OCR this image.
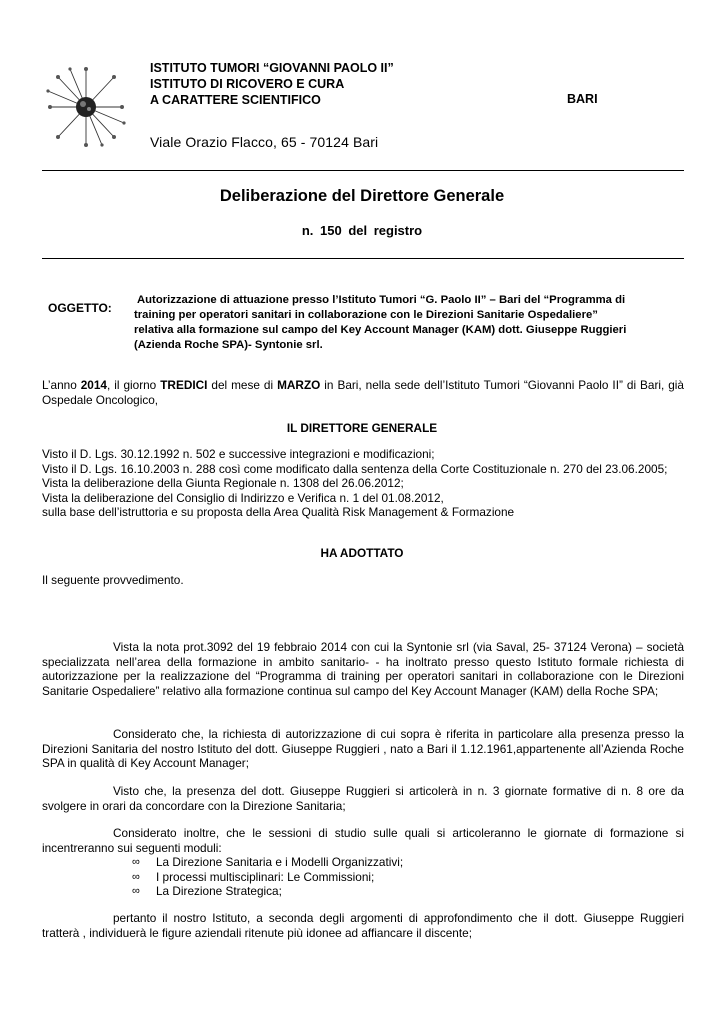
ISTITUTO TUMORI “GIOVANNI PAOLO II”
ISTITUTO DI RICOVERO E CURA
A CARATTERE SCIENTIFICO	BARI
Viale Orazio Flacco, 65 - 70124 Bari
Deliberazione del Direttore Generale
n. 150 del registro
OGGETTO:
Autorizzazione di attuazione presso l’Istituto Tumori “G. Paolo II” – Bari del “Programma di
training per operatori sanitari in collaborazione con le Direzioni Sanitarie Ospedaliere”
relativa alla formazione sul campo del Key Account Manager (KAM) dott. Giuseppe Ruggieri
(Azienda Roche SPA)- Syntonie srl.
L’anno 2014, il giorno TREDICI del mese di MARZO in Bari, nella sede dell’Istituto Tumori “Giovanni Paolo II” di Bari, già Ospedale Oncologico,
IL DIRETTORE GENERALE
Visto il D. Lgs. 30.12.1992 n. 502 e successive integrazioni e modificazioni;
Visto il D. Lgs. 16.10.2003 n. 288 così come modificato dalla sentenza della Corte Costituzionale n. 270 del 23.06.2005;
Vista la deliberazione della Giunta Regionale n. 1308 del 26.06.2012;
Vista la deliberazione del Consiglio di Indirizzo e Verifica n. 1 del 01.08.2012,
sulla base dell’istruttoria e su proposta della Area Qualità Risk Management & Formazione
HA ADOTTATO
Il seguente provvedimento.
Vista la nota prot.3092 del 19 febbraio 2014 con cui la Syntonie srl (via Saval, 25- 37124 Verona) – società specializzata nell’area della formazione in ambito sanitario- - ha inoltrato presso questo Istituto formale richiesta di autorizzazione per la realizzazione del “Programma di training per operatori sanitari in collaborazione con le Direzioni Sanitarie Ospedaliere” relativo alla formazione continua sul campo del Key Account Manager (KAM) della Roche SPA;
Considerato che, la richiesta di autorizzazione di cui sopra è riferita in particolare alla presenza presso la Direzioni Sanitaria del nostro Istituto del dott. Giuseppe Ruggieri , nato a Bari il 1.12.1961,appartenente all’Azienda Roche SPA in qualità di Key Account Manager;
Visto che, la presenza del dott. Giuseppe Ruggieri si articolerà in n. 3 giornate formative di n. 8 ore da svolgere in orari da concordare con la Direzione Sanitaria;
Considerato inoltre, che le sessioni di studio sulle quali si articoleranno le giornate di formazione si incentreranno sui seguenti moduli:
∞ La Direzione Sanitaria e i Modelli Organizzativi;
∞ I processi multisciplinari: Le Commissioni;
∞ La Direzione Strategica;
pertanto il nostro Istituto, a seconda degli argomenti di approfondimento che il dott. Giuseppe Ruggieri tratterà , individuerà le figure aziendali ritenute più idonee ad affiancare il discente;
